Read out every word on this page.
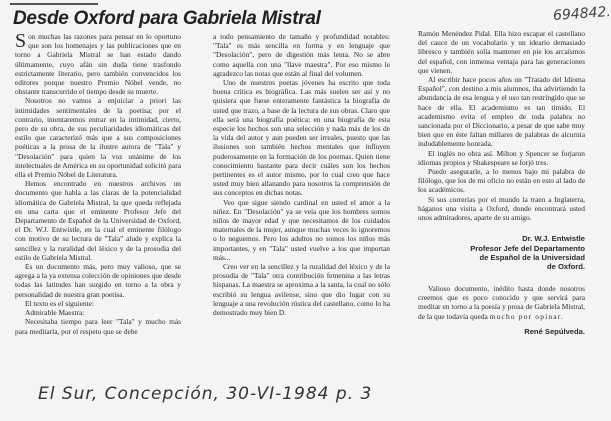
Desde Oxford para Gabriela Mistral	694842.

Son muchas las razones para pensar en lo oportuno que son los homenajes y las publicaciones que en torno a Gabriela Mistral se han estado dando últimamente, cuyo afán sin duda tiene trasfondo estrictamente literario, pero también convencidos los editores porque nuestro Premio Nóbel vende, no obstante transcurrido el tiempo desde su muerte.

Nosotros no vamos a enjuiciar a priori las intimidades sentimentales de la poetisa; por el contrario, intentaremos entrar en la intimidad, cierto, pero de su obra, de sus peculiaridades idiomáticas del estilo que caracterizó más que a sus composiciones poéticas a la prosa de la ilustre autora de "Tala" y "Desolación" para quien la voz unánime de los intelectuales de América en su oportunidad solicitó para ella el Premio Nóbel de Literatura.

Hemos encontrado en nuestros archivos un documento que habla a las claras de la potencialidad idiomática de Gabriela Mistral, la que queda reflejada en una carta que el eminente Profesor Jefe del Departamento de Español de la Universidad de Oxford, el Dr. W.J. Entwistle, en la cual el eminente filólogo con motivo de su lectura de "Tala" alude y explica la sencillez y la ruralidad del léxico y de la prosodia del estilo de Gabriela Mistral.

Es un documento más, pero muy valioso, que se agrega a la ya extensa colección de opiniones que desde todas las latitudes han surgido en torno a la obra y personalidad de nuestra gran poetisa.

El texto es el siguiente:

Admirable Maestra:

Necesitaba tiempo para leer "Tala" y mucho más para meditarla, por el respeto que se debe

a todo pensamiento de tamaño y profundidad notables: "Tala" es más sencilla en forma y en lenguaje que "Desolación", pero de digestión más lenta. No se abre como aquella con una "llave maestra". Por eso mismo le agradezco las notas que están al final del volumen.

Uno de nuestros poetas jóvenes ha escrito que toda buena crítica es biográfica. Las más suelen ser así y no quisiera que fuese enteramente fantástica la biografía de usted que trazo, a base de la lectura de sus obras. Claro que ella será una biografía poética; en una biografía de esta especie los hechos son una selección y nada más de los de la vida del autor y aun pueden ser irreales, puesto que las ilusiones son también hechos mentales que influyen poderosamente en la formación de los poemas. Quien tiene conocimiento bastante para decir cuáles son los hechos pertinentes es el autor mismo, por lo cual creo que hace usted muy bien allanando para nosotros la comprensión de sus conceptos en dichas notas.

Veo que sigue siendo cardinal en usted el amor a la niñez. En "Desolación" ya se veía que los hombres somos niños de mayor edad y que necesitamos de los cuidados maternales de la mujer, aunque muchas veces lo ignoremos o lo neguemos. Pero los adultos no somos los niños más importantes, y en "Tala" usted vuelve a los que importan más...

Creo ver en la sencillez y la ruralidad del léxico y de la prosodia de "Tala" otra contribución femenina a las letras hispanas. La maestra se aproxima a la santa, la cual no sólo escribió su lengua avilense, sino que dio lugar con su lenguaje a una revolución rústica del castellano, como lo ha demostrado muy bien D.

Ramón Menéndez Pidal. Ella hizo escapar el castellano del cauce de un vocabulario y un ideario demasiado libresco y también solía mantener en pie los arcaísmos del español, con inmensa ventaja para las generaciones que vienen.

Al escribir hace pocos años un "Tratado del Idioma Español", con destino a mis alumnos, iba advirtiendo la abundancia de esa lengua y el uso tan restringido que se hace de ella. El academismo es tan tímido. El academismo evita el empleo de toda palabra no sancionada por el Diccionario, a pesar de que sabe muy bien que en éste faltan millares de palabras de alcurnia indudablemente honrada.

El inglés no obra así. Milton y Spencer se forjaron idiomas propios y Shakespeare se forjó tres.

Puedo asegurarle, a lo menos bajo mi palabra de filólogo, que los de mi oficio no están en esto al lado de los académicos.

Si sus correrías por el mundo la traen a Inglaterra, háganos una visita a Oxford, donde encontrará usted unos admiradores, aparte de su amigo.

Dr. W.J. Entwistle
Profesor Jefe del Departamento
de Español de la Universidad
de Oxford.

Valioso documento, inédito hasta donde nosotros creemos que es poco conocido y que servirá para meditar en torno a la poesía y prosa de Gabriela Mistral, de la que todavía queda mucho por opinar.

René Sepúlveda.
El Sur, Concepción, 30-VI-1984 p. 3
